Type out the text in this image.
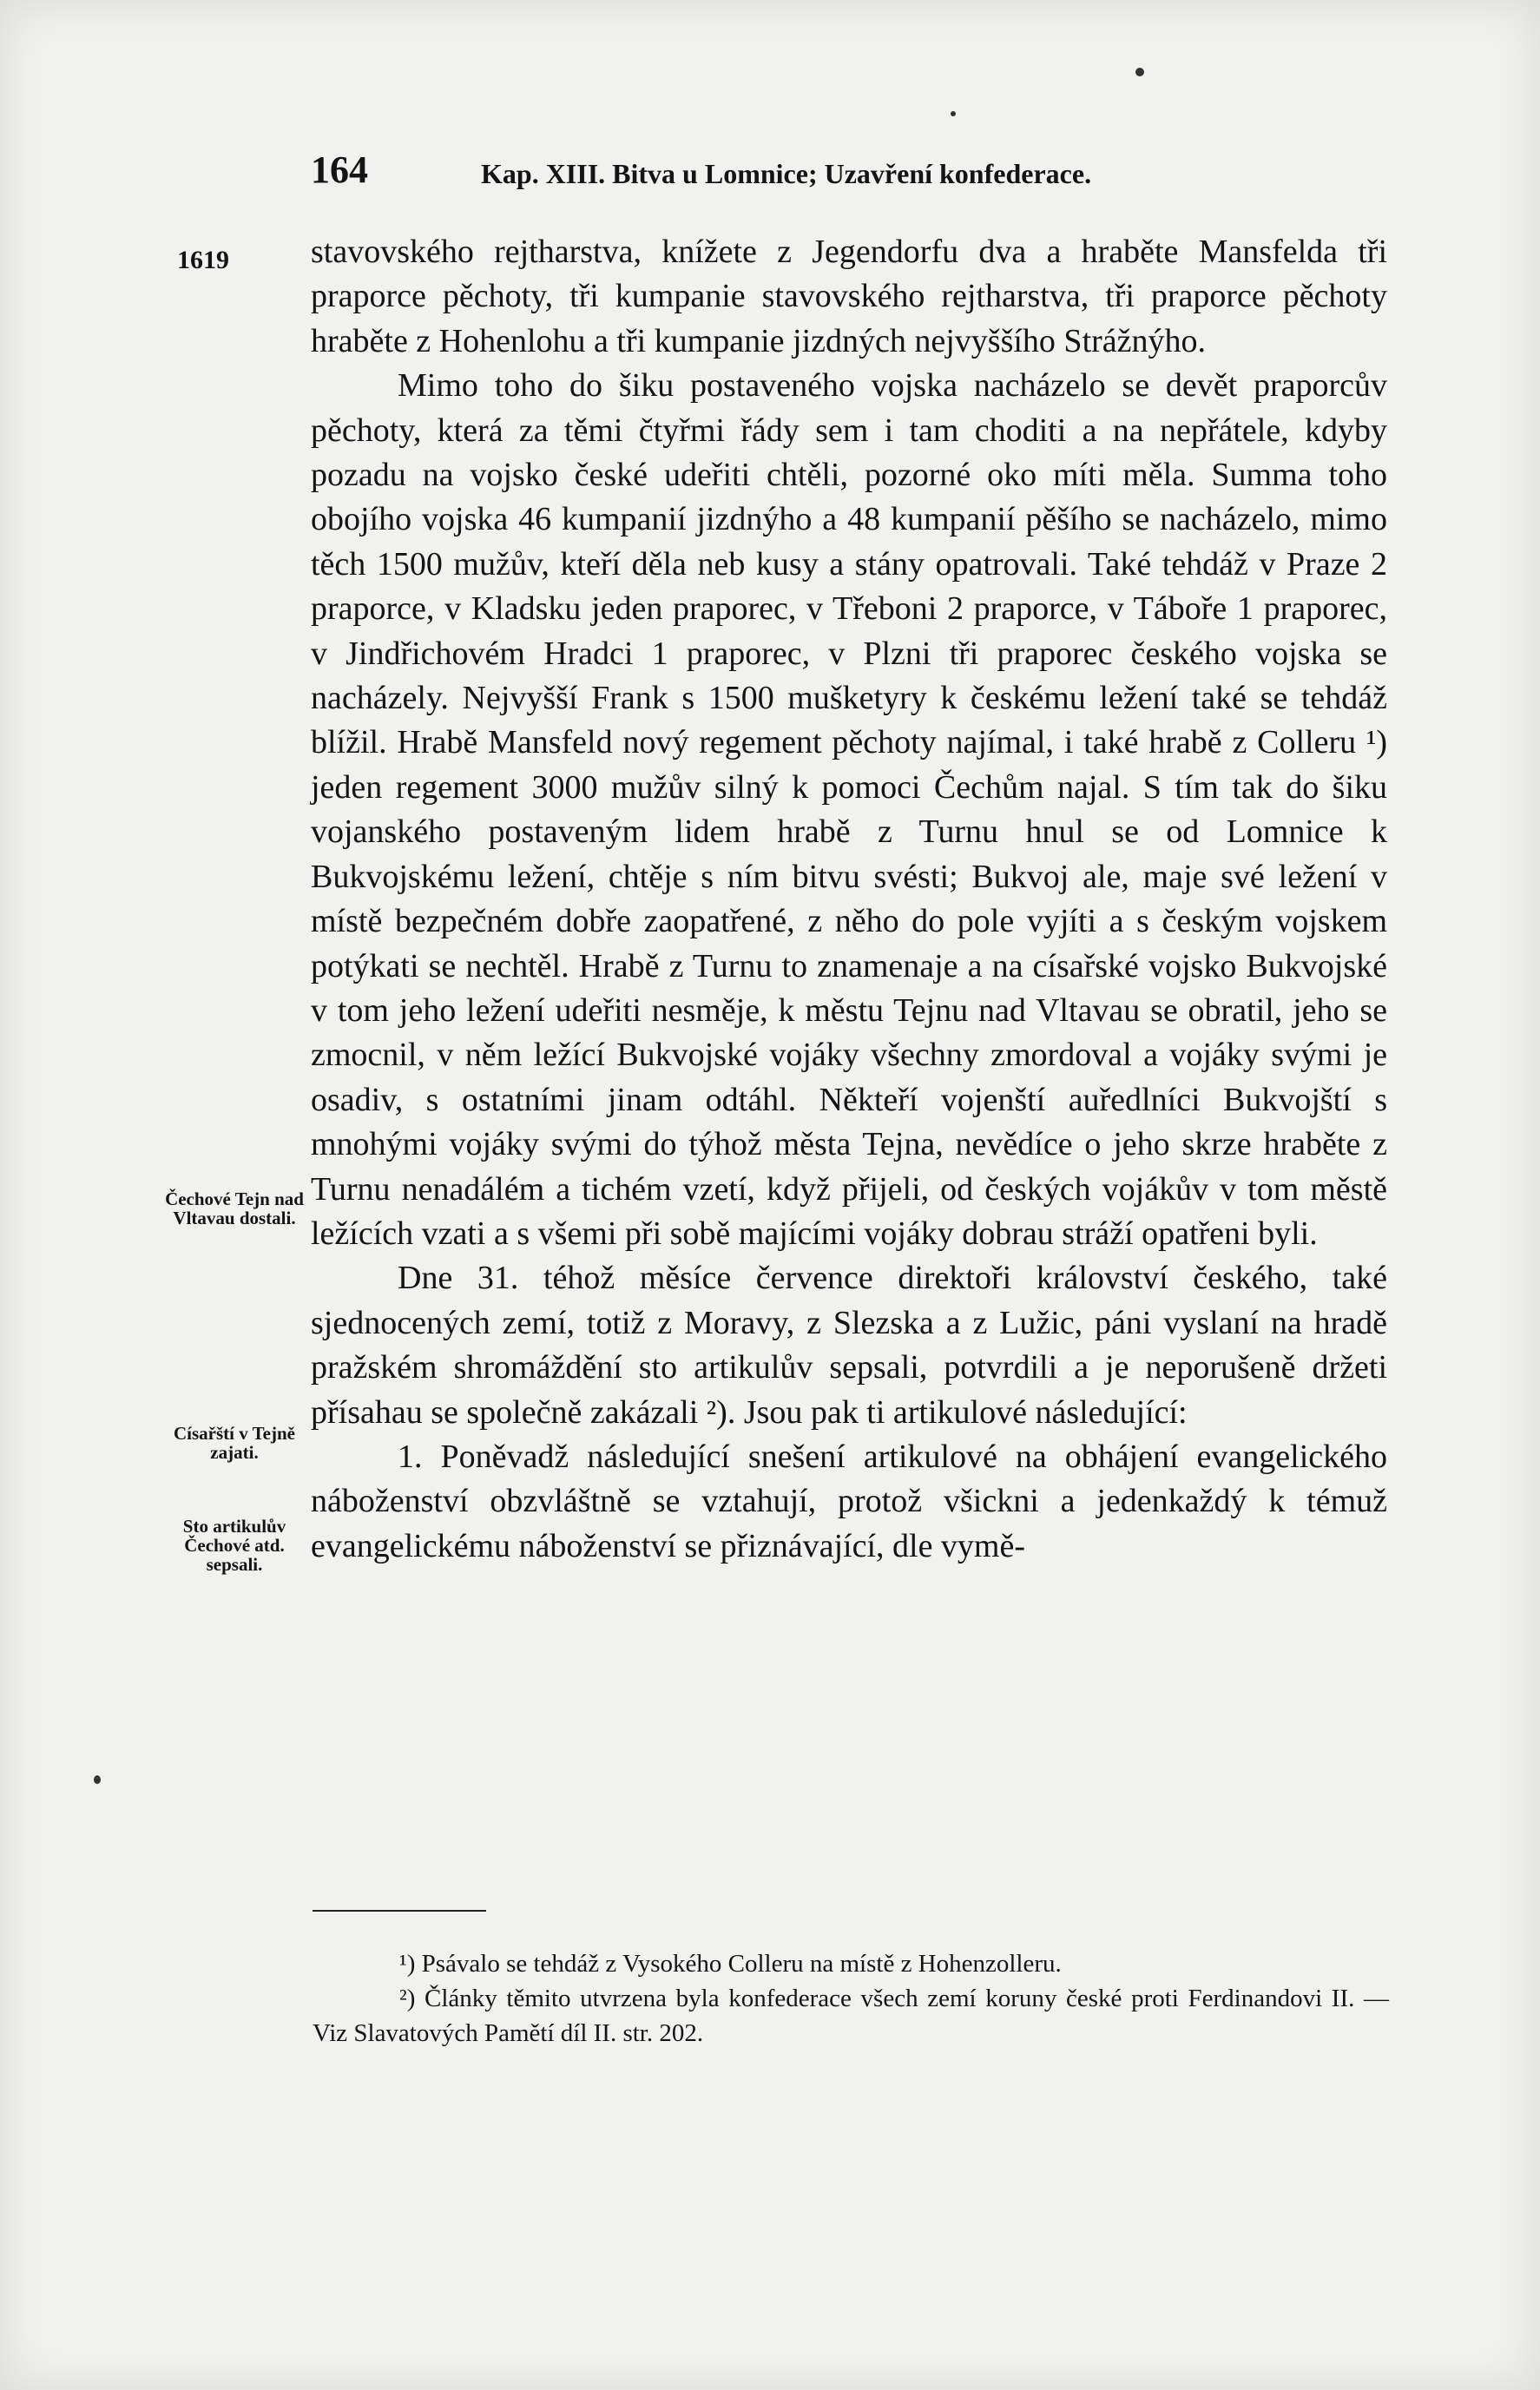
164	Kap. XIII. Bitva u Lomnice; Uzavření konfederace.
1619
Čechové Tejn nad Vltavau dostali.
Císařští v Tejně zajati.
Sto artikulův Čechové atd. sepsali.

stavovského rejtharstva, knížete z Jegendorfu dva a hraběte Mansfelda tři praporce pěchoty, tři kumpanie stavovského rejtharstva, tři praporce pěchoty hraběte z Hohenlohu a tři kumpanie jizdných nejvyššího Strážnýho.

Mimo toho do šiku postaveného vojska nacházelo se devět praporcův pěchoty, která za těmi čtyřmi řády sem i tam choditi a na nepřátele, kdyby pozadu na vojsko české udeřiti chtěli, pozorné oko míti měla. Summa toho obojího vojska 46 kumpanií jizdnýho a 48 kumpanií pěšího se nacházelo, mimo těch 1500 mužův, kteří děla neb kusy a stány opatrovali. Také tehdáž v Praze 2 praporce, v Kladsku jeden praporec, v Třeboni 2 praporce, v Táboře 1 praporec, v Jindřichovém Hradci 1 praporec, v Plzni tři praporec českého vojska se nacházely. Nejvyšší Frank s 1500 mušketyry k českému ležení také se tehdáž blížil. Hrabě Mansfeld nový regement pěchoty najímal, i také hrabě z Colleru ¹) jeden regement 3000 mužův silný k pomoci Čechům najal. S tím tak do šiku vojanského postaveným lidem hrabě z Turnu hnul se od Lomnice k Bukvojskému ležení, chtěje s ním bitvu svésti; Bukvoj ale, maje své ležení v místě bezpečném dobře zaopatřené, z něho do pole vyjíti a s českým vojskem potýkati se nechtěl. Hrabě z Turnu to znamenaje a na císařské vojsko Bukvojské v tom jeho ležení udeřiti nesměje, k městu Tejnu nad Vltavau se obratil, jeho se zmocnil, v něm ležící Bukvojské vojáky všechny zmordoval a vojáky svými je osadiv, s ostatními jinam odtáhl. Někteří vojenští auředlníci Bukvojští s mnohými vojáky svými do týhož města Tejna, nevědíce o jeho skrze hraběte z Turnu nenadálém a tichém vzetí, když přijeli, od českých vojákův v tom městě ležících vzati a s všemi při sobě majícími vojáky dobrau stráží opatřeni byli.

Dne 31. téhož měsíce července direktoři království českého, také sjednocených zemí, totiž z Moravy, z Slezska a z Lužic, páni vyslaní na hradě pražském shromáždění sto artikulův sepsali, potvrdili a je neporušeně držeti přísahau se společně zakázali ²). Jsou pak ti artikulové následující:

1. Poněvadž následující snešení artikulové na obhájení evangelického náboženství obzvláštně se vztahují, protož všickni a jedenkaždý k témuž evangelickému náboženství se přiznávající, dle vymě-

¹) Psávalo se tehdáž z Vysokého Colleru na místě z Hohenzolleru.

²) Články těmito utvrzena byla konfederace všech zemí koruny české proti Ferdinandovi II. — Viz Slavatových Pamětí díl II. str. 202.
